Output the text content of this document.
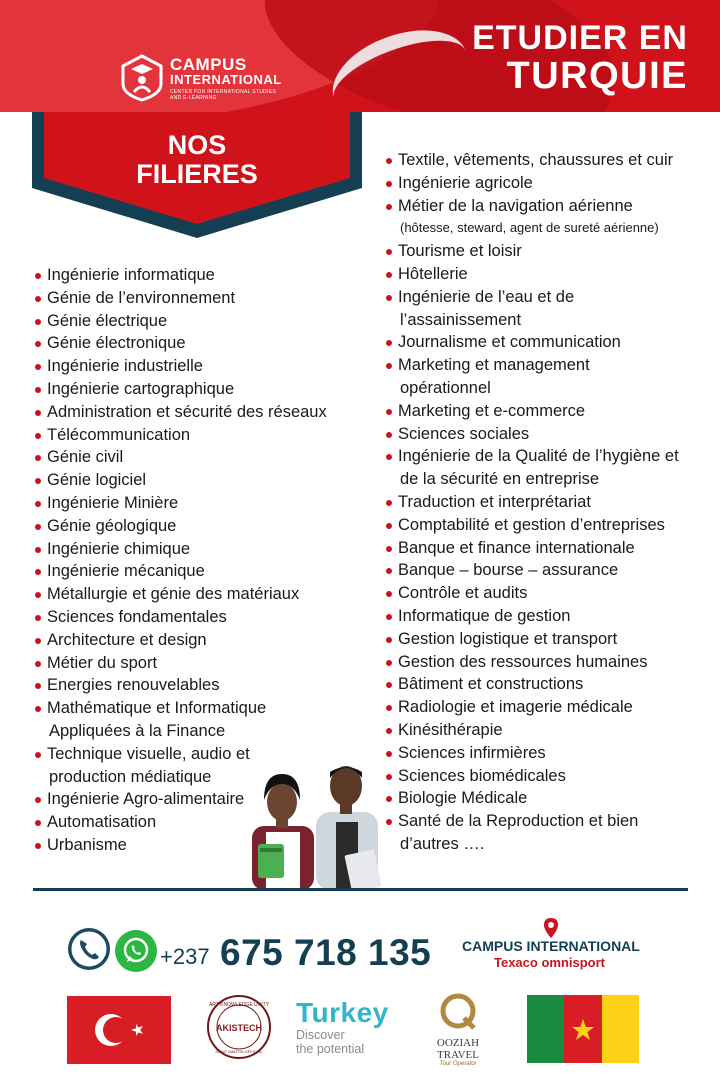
CAMPUS
INTERNATIONAL
CENTER FOR INTERNATIONAL STUDIES AND E-LEARNING
ETUDIER EN
TURQUIE
NOS
FILIERES
Ingénierie informatique
Génie de l’environnement
Génie électrique
Génie électronique
Ingénierie industrielle
Ingénierie cartographique
Administration et sécurité des réseaux
Télécommunication
Génie civil
Génie logiciel
Ingénierie Minière
Génie géologique
Ingénierie chimique
Ingénierie mécanique
Métallurgie et génie des matériaux
Sciences fondamentales
Architecture et design
Métier du sport
Energies renouvelables
Mathématique et Informatique
Appliquées à la Finance
Technique visuelle, audio et
production médiatique
Ingénierie Agro-alimentaire
Automatisation
Urbanisme
Textile, vêtements, chaussures et cuir
Ingénierie agricole
Métier de la navigation aérienne
(hôtesse, steward, agent de sureté aérienne)
Tourisme et loisir
Hôtellerie
Ingénierie de l’eau et de
l’assainissement
Journalisme et communication
Marketing et management
opérationnel
Marketing et e-commerce
Sciences sociales
Ingénierie de la Qualité de l’hygiène et
de la sécurité en entreprise
Traduction et interprétariat
Comptabilité et gestion d’entreprises
Banque et finance internationale
Banque – bourse – assurance
Contrôle et audits
Informatique de gestion
Gestion logistique et transport
Gestion des ressources humaines
Bâtiment et constructions
Radiologie et imagerie médicale
Kinésithérapie
Sciences infirmières
Sciences biomédicales
Biologie Médicale
Santé de la Reproduction et bien
d’autres ….
+237 675 718 135 CAMPUS INTERNATIONAL
Texaco omnisport
ART KNOWLEDGE UNITY
AKISTECH
SAINT MARTIN OFFICIAL
Turkey
Discover
the potential	OOZIAH TRAVEL
Tour Operator
